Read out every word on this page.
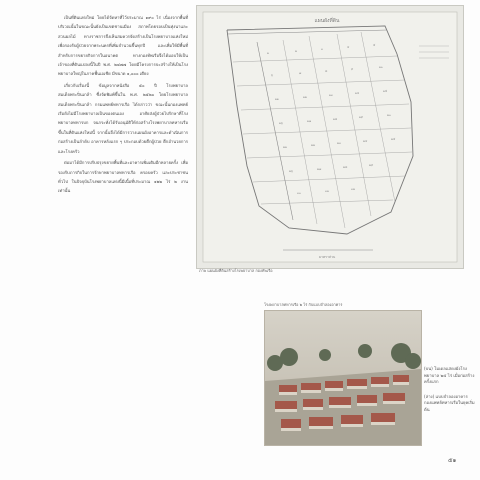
เป็นที่ดินแห่งใหม่ โดยได้จัดหาที่ไว้ประมาณ ๑๙๐ ไร่ เนื่องจากพื้นที่บริเวณนั้นในขณะนั้นยังเป็นเขตชานเมือง สภาพโดยรอบเป็นทุ่งนาและสวนผลไม้ ทางราชการจึงเห็นสมควรจัดสร้างเป็นโรงพยาบาลแห่งใหม่ เพื่อรองรับผู้ป่วยจากพระนครที่เพิ่มจำนวนขึ้นทุกปี และเพื่อให้มีพื้นที่สำหรับการขยายกิจการในอนาคต ทางกองทัพเรือจึงได้มอบให้เป็นเจ้าของที่ดินแปลงนี้ในปี พ.ศ. ๒๔๗๗ โดยมีโครงการจะสร้างให้เป็นโรงพยาบาลใหญ่ในภาคพื้นเอเชีย มีขนาด ๑,๐๐๐ เตียง

เกี่ยวกับเรื่องนี้ ข้อมูลจากหนังสือ ๕๐ ปี โรงพยาบาลสมเด็จพระปิ่นเกล้า ซึ่งจัดพิมพ์ขึ้นใน พ.ศ. ๒๕๒๐ โดยโรงพยาบาลสมเด็จพระปิ่นเกล้า กรมแพทย์ทหารเรือ ได้กล่าวว่า ขณะนั้นกองแพทย์เรือยังไม่มีโรงพยาบาลเป็นของตนเอง อาศัยส่งผู้ป่วยไปรักษาที่โรงพยาบาลทหารบก จนกระทั่งได้รับอนุมัติให้ก่อสร้างโรงพยาบาลทหารเรือขึ้นในที่ดินแห่งใหม่นี้ จากนั้นจึงได้มีการวางแผนผังอาคารและดำเนินการก่อสร้างเป็นลำดับ อาคารหลังแรก ๆ ประกอบด้วยตึกผู้ป่วย ตึกอำนวยการ และโรงครัว

ต่อมาได้มีการปรับปรุงขยายพื้นที่และอาคารเพิ่มเติมอีกหลายครั้ง เพื่อรองรับภารกิจในการรักษาพยาบาลทหารเรือ ครอบครัว และประชาชนทั่วไป ในปัจจุบันโรงพยาบาลแห่งนี้มีเนื้อที่ประมาณ ๑๒๒ ไร่ ๒ งาน เท่านั้น

แผนผังที่ดิน
๑	๒	๓	๔	๕
๖	๗	๘	๙	๑๐
๑๑	๑๒	๑๓	๑๔	๑๕
๑๖	๑๗	๑๘	๑๙	๒๐
๒๑	๒๒	๒๓	๒๔	๒๕
๒๖	๒๗	๒๘	๒๙
๓๐	๓๑	๓๒
มาตราส่วน
ภาพ แผนผังที่ดินสร้างโรงพยาบาล กองทัพเรือ
โรงพยาบาลทหารเรือ ๒ ไร่ กับแบบจำลองอาคาร
(บน) โมเดลแสดงผังโรงพยาบาล ๒๕ ไร่ เมื่อก่อสร้างครั้งแรก
(ล่าง) แบบจำลองอาคาร กองแพทย์ทหารเรือในยุคเริ่มต้น
๕๑
